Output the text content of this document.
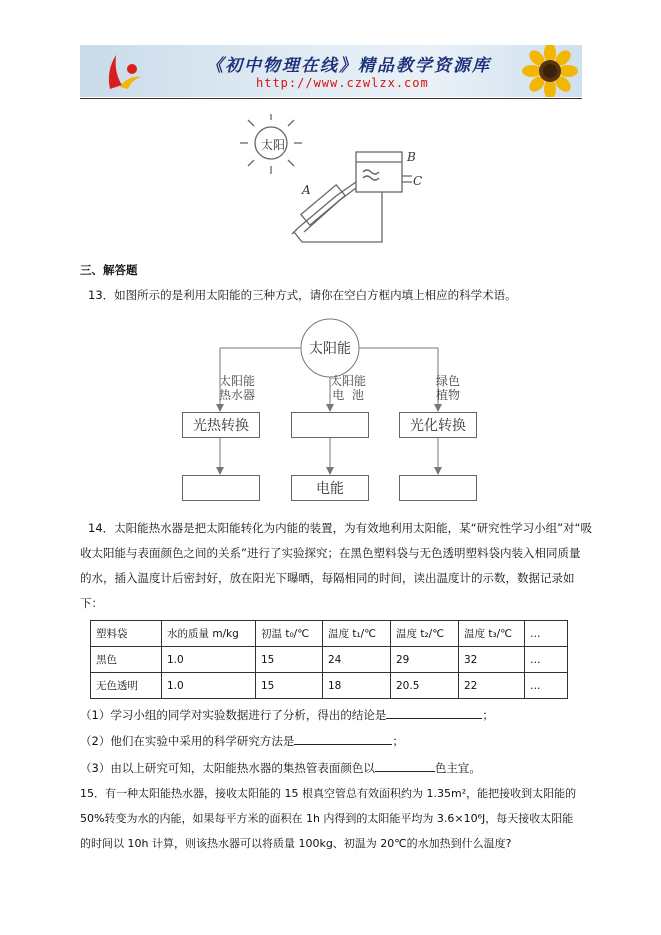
《初中物理在线》精品教学资源库
http://www.czwlzx.com
太阳
A
B
C
三、解答题
13．如图所示的是利用太阳能的三种方式，请你在空白方框内填上相应的科学术语。
太阳能
太阳能
热水器
太阳能
电  池
绿色
植物
光热转换	光化转换
电能
14．太阳能热水器是把太阳能转化为内能的装置，为有效地利用太阳能，某“研究性学习小组”对“吸
收太阳能与表面颜色之间的关系”进行了实验探究；在黑色塑料袋与无色透明塑料袋内装入相同质量
的水，插入温度计后密封好，放在阳光下曝晒，每隔相同的时间，读出温度计的示数，数据记录如
下：
塑料袋	水的质量 m/kg	初温 t₀/℃	温度 t₁/℃	温度 t₂/℃	温度 t₃/℃	…
黑色	1.0	15	24	29	32	…
无色透明	1.0	15	18	20.5	22	…
（1）学习小组的同学对实验数据进行了分析，得出的结论是	；
（2）他们在实验中采用的科学研究方法是	；
（3）由以上研究可知，太阳能热水器的集热管表面颜色以	色主宜。
15．有一种太阳能热水器，接收太阳能的 15 根真空管总有效面积约为 1.35m²，能把接收到太阳能的
50%转变为水的内能，如果每平方米的面积在 1h 内得到的太阳能平均为 3.6×10⁶J，每天接收太阳能
的时间以 10h 计算，则该热水器可以将质量 100kg、初温为 20℃的水加热到什么温度?
